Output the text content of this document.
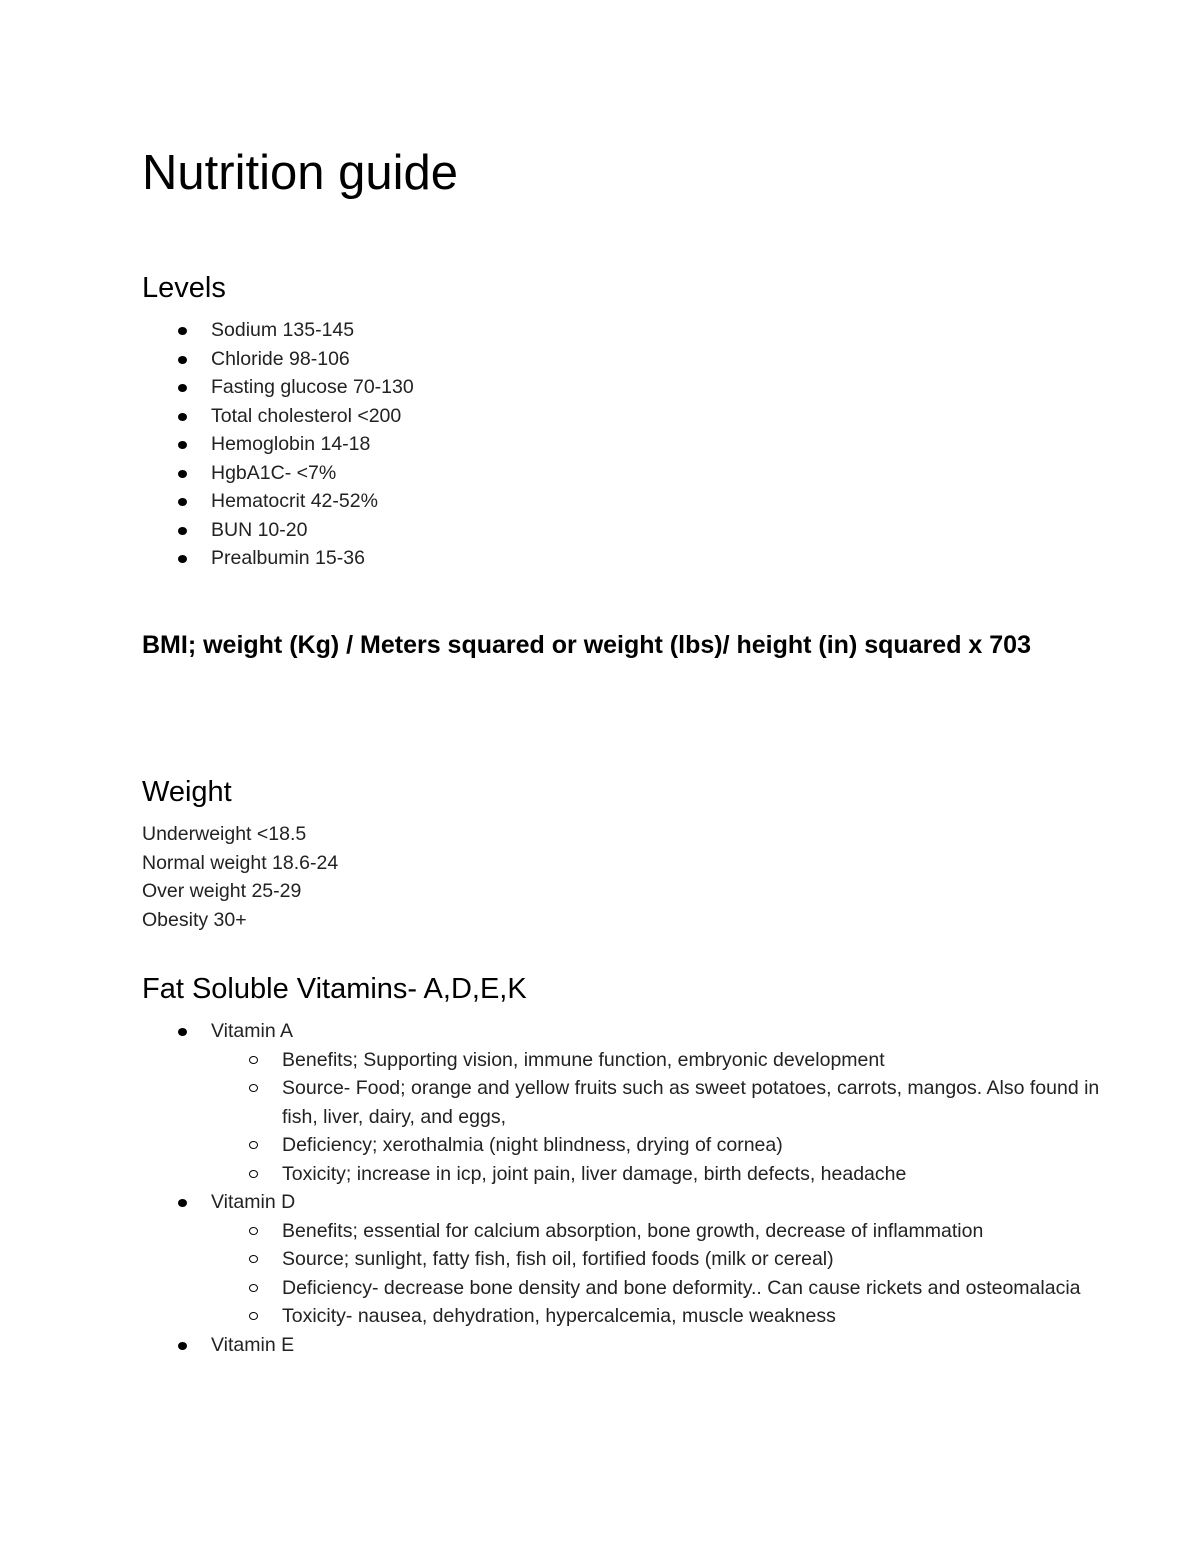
Nutrition guide
Levels
Sodium 135-145
Chloride 98-106
Fasting glucose 70-130
Total cholesterol <200
Hemoglobin 14-18
HgbA1C- <7%
Hematocrit 42-52%
BUN 10-20
Prealbumin 15-36

BMI; weight (Kg) / Meters squared or weight (lbs)/ height (in) squared x 703

Weight
Underweight <18.5
Normal weight 18.6-24
Over weight 25-29
Obesity 30+
Fat Soluble Vitamins- A,D,E,K
Vitamin A
Benefits; Supporting vision, immune function, embryonic development
Source- Food; orange and yellow fruits such as sweet potatoes, carrots, mangos. Also found in fish, liver, dairy, and eggs,
Deficiency; xerothalmia (night blindness, drying of cornea)
Toxicity; increase in icp, joint pain, liver damage, birth defects, headache
Vitamin D
Benefits; essential for calcium absorption, bone growth, decrease of inflammation
Source; sunlight, fatty fish, fish oil, fortified foods (milk or cereal)
Deficiency- decrease bone density and bone deformity.. Can cause rickets and osteomalacia
Toxicity- nausea, dehydration, hypercalcemia, muscle weakness
Vitamin E
